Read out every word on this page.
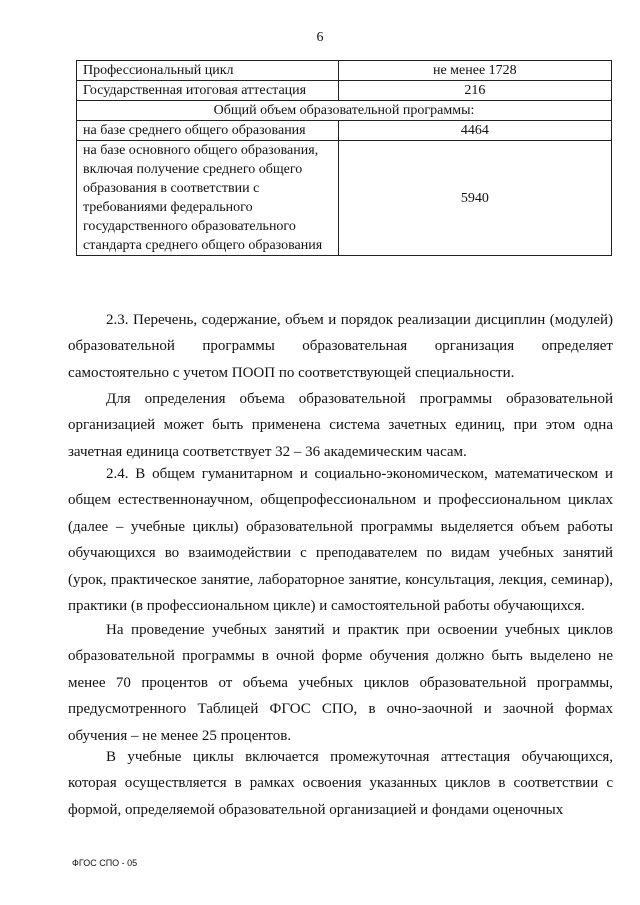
6
Профессиональный цикл	не менее 1728
Государственная итоговая аттестация	216
Общий объем образовательной программы:	
на базе среднего общего образования	4464
на базе основного общего образования, включая получение среднего общего образования в соответствии с требованиями федерального государственного образовательного стандарта среднего общего образования	5940

2.3. Перечень, содержание, объем и порядок реализации дисциплин (модулей) образовательной программы образовательная организация определяет самостоятельно с учетом ПООП по соответствующей специальности.

Для определения объема образовательной программы образовательной организацией может быть применена система зачетных единиц, при этом одна зачетная единица соответствует 32 – 36 академическим часам.

2.4. В общем гуманитарном и социально-экономическом, математическом и общем естественнонаучном, общепрофессиональном и профессиональном циклах (далее – учебные циклы) образовательной программы выделяется объем работы обучающихся во взаимодействии с преподавателем по видам учебных занятий (урок, практическое занятие, лабораторное занятие, консультация, лекция, семинар), практики (в профессиональном цикле) и самостоятельной работы обучающихся.

На проведение учебных занятий и практик при освоении учебных циклов образовательной программы в очной форме обучения должно быть выделено не менее 70 процентов от объема учебных циклов образовательной программы, предусмотренного Таблицей ФГОС СПО, в очно-заочной и заочной формах обучения – не менее 25 процентов.

В учебные циклы включается промежуточная аттестация обучающихся, которая осуществляется в рамках освоения указанных циклов в соответствии с формой, определяемой образовательной организацией и фондами оценочных

ФГОС СПО - 05
